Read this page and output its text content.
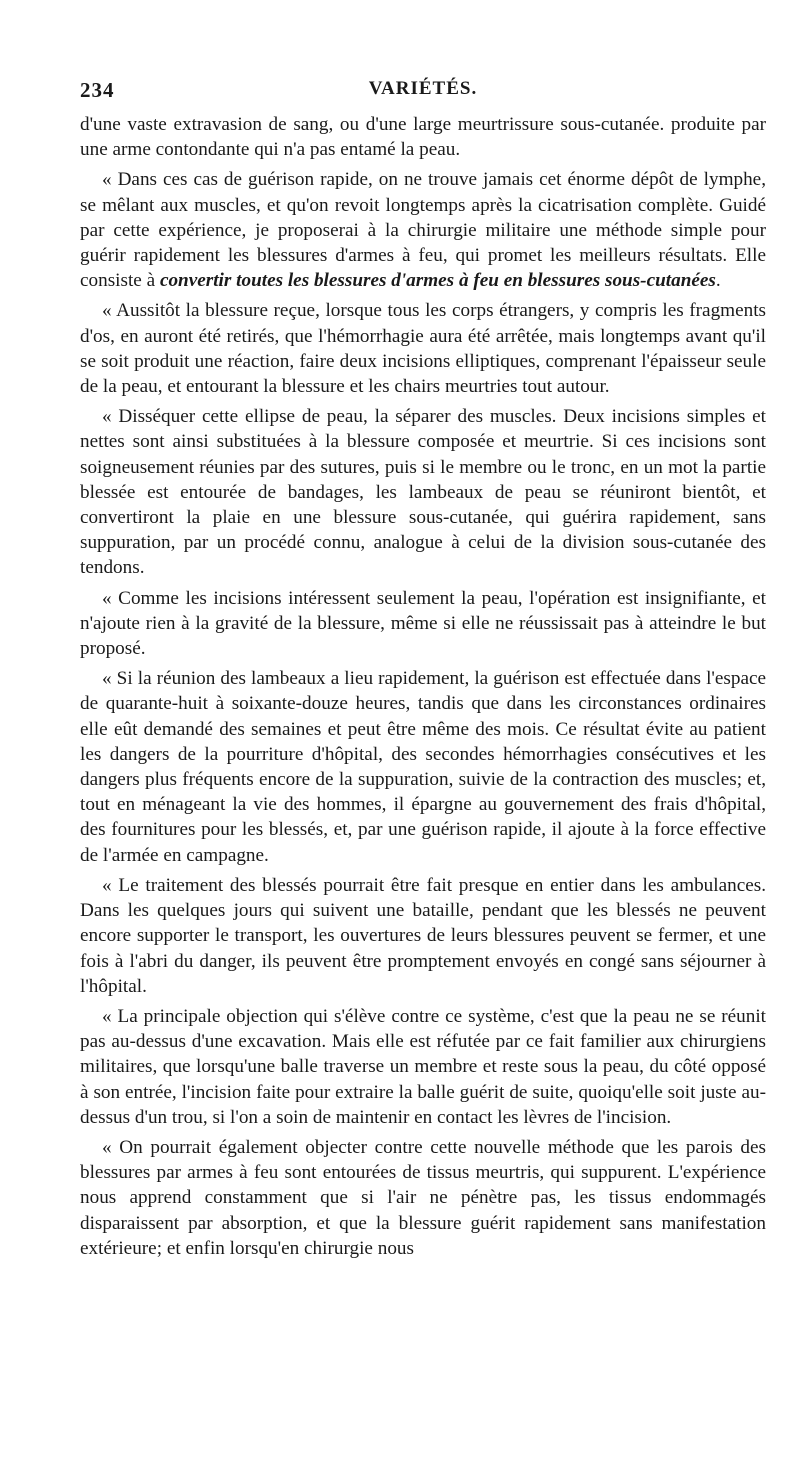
234	VARIÉTÉS.

d'une vaste extravasion de sang, ou d'une large meurtrissure sous-cutanée. produite par une arme contondante qui n'a pas entamé la peau.

« Dans ces cas de guérison rapide, on ne trouve jamais cet énorme dépôt de lymphe, se mêlant aux muscles, et qu'on revoit longtemps après la cicatrisation complète. Guidé par cette expérience, je proposerai à la chirurgie militaire une méthode simple pour guérir rapidement les blessures d'armes à feu, qui promet les meilleurs résultats. Elle consiste à convertir toutes les blessures d'armes à feu en blessures sous-cutanées.

« Aussitôt la blessure reçue, lorsque tous les corps étrangers, y compris les fragments d'os, en auront été retirés, que l'hémorrhagie aura été arrêtée, mais longtemps avant qu'il se soit produit une réaction, faire deux incisions elliptiques, comprenant l'épaisseur seule de la peau, et entourant la blessure et les chairs meurtries tout autour.

« Disséquer cette ellipse de peau, la séparer des muscles. Deux incisions simples et nettes sont ainsi substituées à la blessure composée et meurtrie. Si ces incisions sont soigneusement réunies par des sutures, puis si le membre ou le tronc, en un mot la partie blessée est entourée de bandages, les lambeaux de peau se réuniront bientôt, et convertiront la plaie en une blessure sous-cutanée, qui guérira rapidement, sans suppuration, par un procédé connu, analogue à celui de la division sous-cutanée des tendons.

« Comme les incisions intéressent seulement la peau, l'opération est insignifiante, et n'ajoute rien à la gravité de la blessure, même si elle ne réussissait pas à atteindre le but proposé.

« Si la réunion des lambeaux a lieu rapidement, la guérison est effectuée dans l'espace de quarante-huit à soixante-douze heures, tandis que dans les circonstances ordinaires elle eût demandé des semaines et peut être même des mois. Ce résultat évite au patient les dangers de la pourriture d'hôpital, des secondes hémorrhagies consécutives et les dangers plus fréquents encore de la suppuration, suivie de la contraction des muscles; et, tout en ménageant la vie des hommes, il épargne au gouvernement des frais d'hôpital, des fournitures pour les blessés, et, par une guérison rapide, il ajoute à la force effective de l'armée en campagne.

« Le traitement des blessés pourrait être fait presque en entier dans les ambulances. Dans les quelques jours qui suivent une bataille, pendant que les blessés ne peuvent encore supporter le transport, les ouvertures de leurs blessures peuvent se fermer, et une fois à l'abri du danger, ils peuvent être promptement envoyés en congé sans séjourner à l'hôpital.

« La principale objection qui s'élève contre ce système, c'est que la peau ne se réunit pas au-dessus d'une excavation. Mais elle est réfutée par ce fait familier aux chirurgiens militaires, que lorsqu'une balle traverse un membre et reste sous la peau, du côté opposé à son entrée, l'incision faite pour extraire la balle guérit de suite, quoiqu'elle soit juste au-dessus d'un trou, si l'on a soin de maintenir en contact les lèvres de l'incision.

« On pourrait également objecter contre cette nouvelle méthode que les parois des blessures par armes à feu sont entourées de tissus meurtris, qui suppurent. L'expérience nous apprend constamment que si l'air ne pénètre pas, les tissus endommagés disparaissent par absorption, et que la blessure guérit rapidement sans manifestation extérieure; et enfin lorsqu'en chirurgie nous
